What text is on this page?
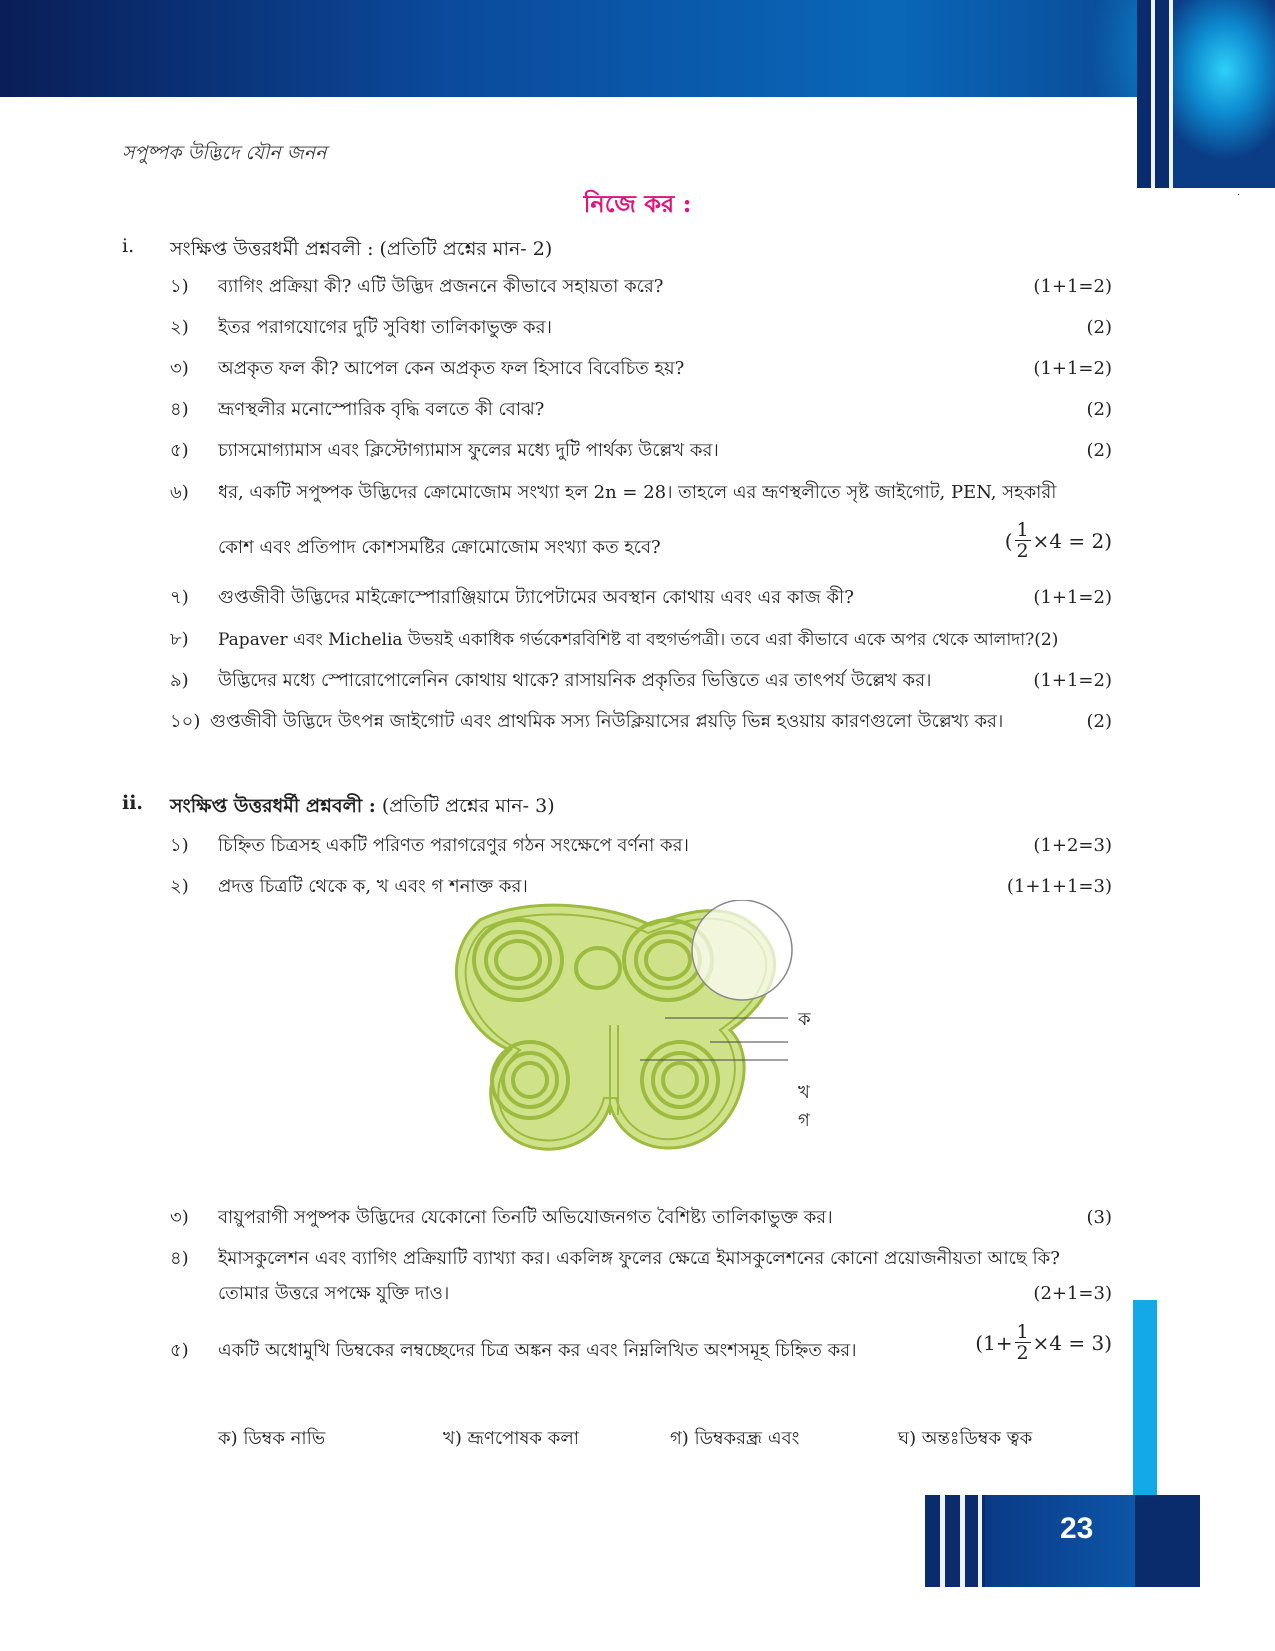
·
সপুষ্পক উদ্ভিদে যৌন জনন
নিজে কর :
i. সংক্ষিপ্ত উত্তরধর্মী প্রশ্নবলী : (প্রতিটি প্রশ্নের মান- 2)
১) ব্যাগিং প্রক্রিয়া কী? এটি উদ্ভিদ প্রজননে কীভাবে সহায়তা করে?	(1+1=2)
২) ইতর পরাগযোগের দুটি সুবিধা তালিকাভুক্ত কর।	(2)
৩) অপ্রকৃত ফল কী? আপেল কেন অপ্রকৃত ফল হিসাবে বিবেচিত হয়?	(1+1=2)
৪) ভ্রূণস্থলীর মনোস্পোরিক বৃদ্ধি বলতে কী বোঝ?	(2)
৫) চ্যাসমোগ্যামাস এবং ক্লিস্টোগ্যামাস ফুলের মধ্যে দুটি পার্থক্য উল্লেখ কর।	(2)
৬) ধর, একটি সপুষ্পক উদ্ভিদের ক্রোমোজোম সংখ্যা হল 2n = 28। তাহলে এর ভ্রূণস্থলীতে সৃষ্ট জাইগোট, PEN, সহকারী
কোশ এবং প্রতিপাদ কোশসমষ্টির ক্রোমোজোম সংখ্যা কত হবে?	( $\frac{1}{2} \times 4 = 2$)
৭) গুপ্তজীবী উদ্ভিদের মাইক্রোস্পোরাঞ্জিয়ামে ট্যাপেটামের অবস্থান কোথায় এবং এর কাজ কী?	(1+1=2)
৮) Papaver এবং Michelia উভয়ই একাধিক গর্ভকেশরবিশিষ্ট বা বহুগর্ভপত্রী। তবে এরা কীভাবে একে অপর থেকে আলাদা?(2)
৯) উদ্ভিদের মধ্যে স্পোরোপোলেনিন কোথায় থাকে? রাসায়নিক প্রকৃতির ভিত্তিতে এর তাৎপর্য উল্লেখ কর।	(1+1=2)
১০) গুপ্তজীবী উদ্ভিদে উৎপন্ন জাইগোট এবং প্রাথমিক সস্য নিউক্লিয়াসের প্লয়ড়ি ভিন্ন হওয়ায় কারণগুলো উল্লেখ্য কর।	(2)
ii. সংক্ষিপ্ত উত্তরধর্মী প্রশ্নবলী : (প্রতিটি প্রশ্নের মান- 3)
১) চিহ্নিত চিত্রসহ একটি পরিণত পরাগরেণুর গঠন সংক্ষেপে বর্ণনা কর।	(1+2=3)
২) প্রদত্ত চিত্রটি থেকে ক, খ এবং গ শনাক্ত কর।	(1+1+1=3)
ক
খ
গ
৩) বায়ুপরাগী সপুষ্পক উদ্ভিদের যেকোনো তিনটি অভিযোজনগত বৈশিষ্ট্য তালিকাভুক্ত কর।	(3)
৪) ইমাসকুলেশন এবং ব্যাগিং প্রক্রিয়াটি ব্যাখ্যা কর। একলিঙ্গ ফুলের ক্ষেত্রে ইমাসকুলেশনের কোনো প্রয়োজনীয়তা আছে কি?
তোমার উত্তরে সপক্ষে যুক্তি দাও।	(2+1=3)
৫) একটি অধোমুখি ডিম্বকের লম্বচ্ছেদের চিত্র অঙ্কন কর এবং নিম্নলিখিত অংশসমূহ চিহ্নিত কর।	$(1+ \frac{1}{2} \times 4 = 3)$
ক) ডিম্বক নাভি	খ) ভ্রূণপোষক কলা	গ) ডিম্বকরন্ধ্র এবং	ঘ) অন্তঃডিম্বক ত্বক
23
